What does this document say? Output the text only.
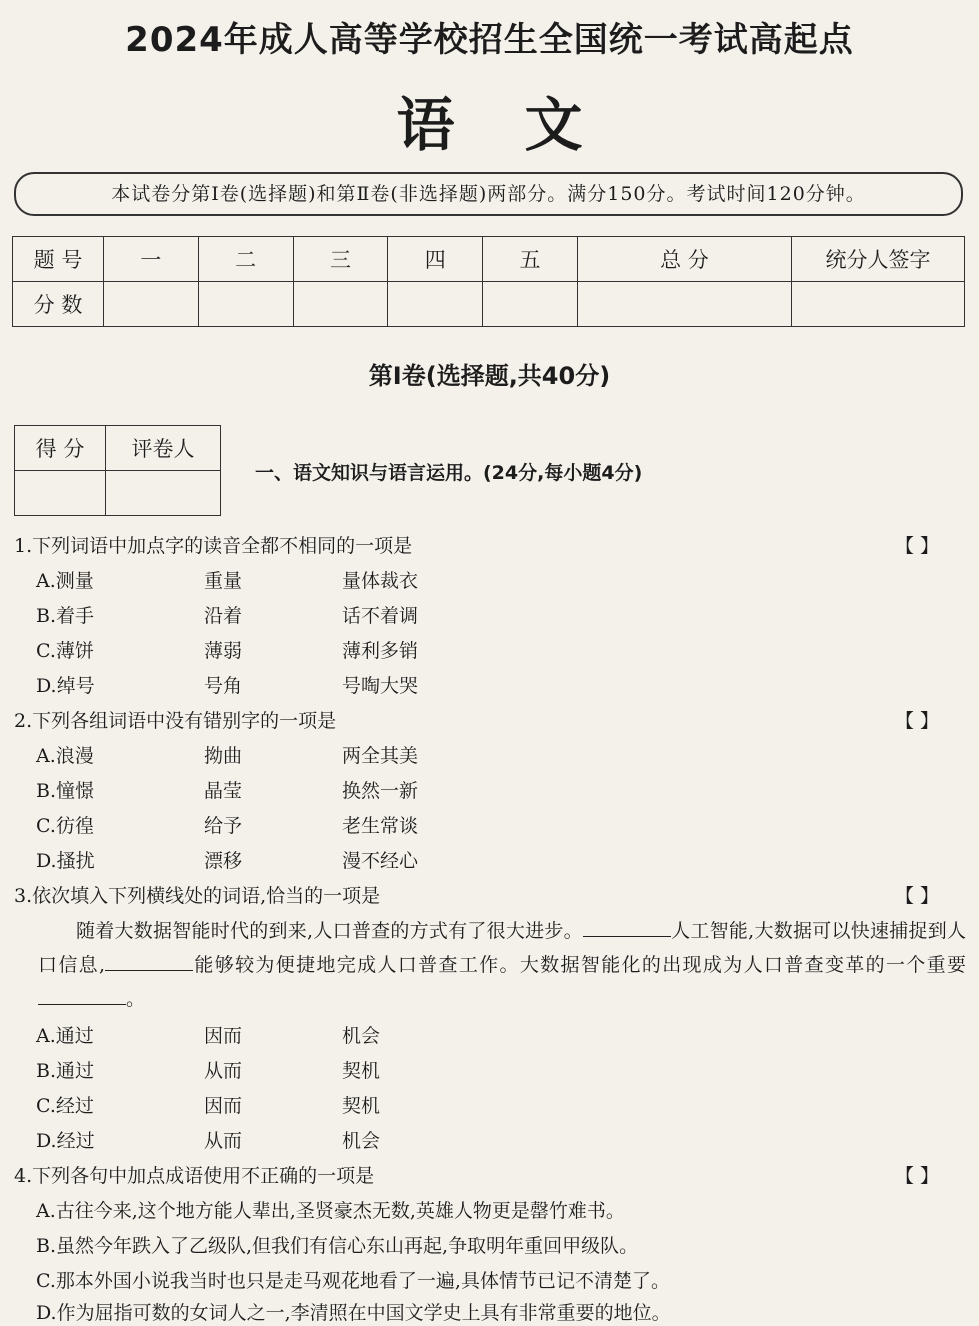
2024年成人高等学校招生全国统一考试高起点
语文
本试卷分第Ⅰ卷(选择题)和第Ⅱ卷(非选择题)两部分。满分150分。考试时间120分钟。
题 号	一	二	三	四	五	总 分	统分人签字
分 数							
第Ⅰ卷(选择题,共40分)
得 分	评卷人

一、语文知识与语言运用。(24分,每小题4分)
1.下列词语中加点字的读音全都不相同的一项是	【 】
A.测量	重量	量体裁衣
B.着手	沿着	话不着调
C.薄饼	薄弱	薄利多销
D.绰号	号角	号啕大哭
2.下列各组词语中没有错别字的一项是	【 】
A.浪漫	拗曲	两全其美
B.憧憬	晶莹	换然一新
C.彷徨	给予	老生常谈
D.搔扰	漂移	漫不经心
3.依次填入下列横线处的词语,恰当的一项是	【 】
随着大数据智能时代的到来,人口普查的方式有了很大进步。	人工智能,大数据可以快速捕捉到人口信息,	能够较为便捷地完成人口普查工作。大数据智能化的出现成为人口普查变革的一个重要。
A.通过	因而	机会
B.通过	从而	契机
C.经过	因而	契机
D.经过	从而	机会
4.下列各句中加点成语使用不正确的一项是	【 】
A.古往今来,这个地方能人辈出,圣贤豪杰无数,英雄人物更是罄竹难书。
B.虽然今年跌入了乙级队,但我们有信心东山再起,争取明年重回甲级队。
C.那本外国小说我当时也只是走马观花地看了一遍,具体情节已记不清楚了。
D.作为屈指可数的女词人之一,李清照在中国文学史上具有非常重要的地位。
